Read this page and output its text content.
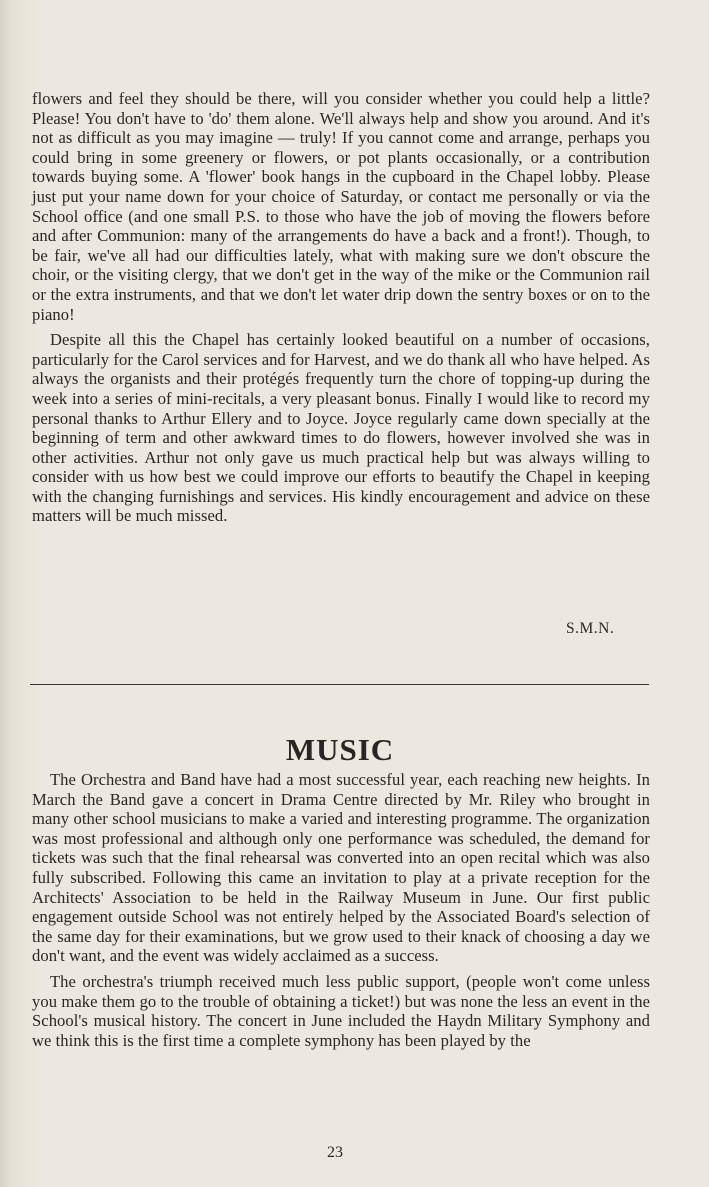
flowers and feel they should be there, will you consider whether you could help a little? Please! You don't have to 'do' them alone. We'll always help and show you around. And it's not as difficult as you may imagine — truly! If you cannot come and arrange, perhaps you could bring in some greenery or flowers, or pot plants occasionally, or a contribution towards buying some. A 'flower' book hangs in the cupboard in the Chapel lobby. Please just put your name down for your choice of Saturday, or contact me personally or via the School office (and one small P.S. to those who have the job of moving the flowers before and after Communion: many of the arrangements do have a back and a front!). Though, to be fair, we've all had our difficulties lately, what with making sure we don't obscure the choir, or the visiting clergy, that we don't get in the way of the mike or the Communion rail or the extra instruments, and that we don't let water drip down the sentry boxes or on to the piano!

Despite all this the Chapel has certainly looked beautiful on a number of occasions, particularly for the Carol services and for Harvest, and we do thank all who have helped. As always the organists and their protégés frequently turn the chore of topping-up during the week into a series of mini-recitals, a very pleasant bonus. Finally I would like to record my personal thanks to Arthur Ellery and to Joyce. Joyce regularly came down specially at the beginning of term and other awkward times to do flowers, however involved she was in other activities. Arthur not only gave us much practical help but was always willing to consider with us how best we could improve our efforts to beautify the Chapel in keeping with the changing furnishings and services. His kindly encouragement and advice on these matters will be much missed.

S.M.N.
MUSIC

The Orchestra and Band have had a most successful year, each reaching new heights. In March the Band gave a concert in Drama Centre directed by Mr. Riley who brought in many other school musicians to make a varied and interesting programme. The organization was most professional and although only one performance was scheduled, the demand for tickets was such that the final rehearsal was converted into an open recital which was also fully subscribed. Following this came an invitation to play at a private reception for the Architects' Association to be held in the Railway Museum in June. Our first public engagement outside School was not entirely helped by the Associated Board's selection of the same day for their examinations, but we grow used to their knack of choosing a day we don't want, and the event was widely acclaimed as a success.

The orchestra's triumph received much less public support, (people won't come unless you make them go to the trouble of obtaining a ticket!) but was none the less an event in the School's musical history. The concert in June included the Haydn Military Symphony and we think this is the first time a complete symphony has been played by the

23
